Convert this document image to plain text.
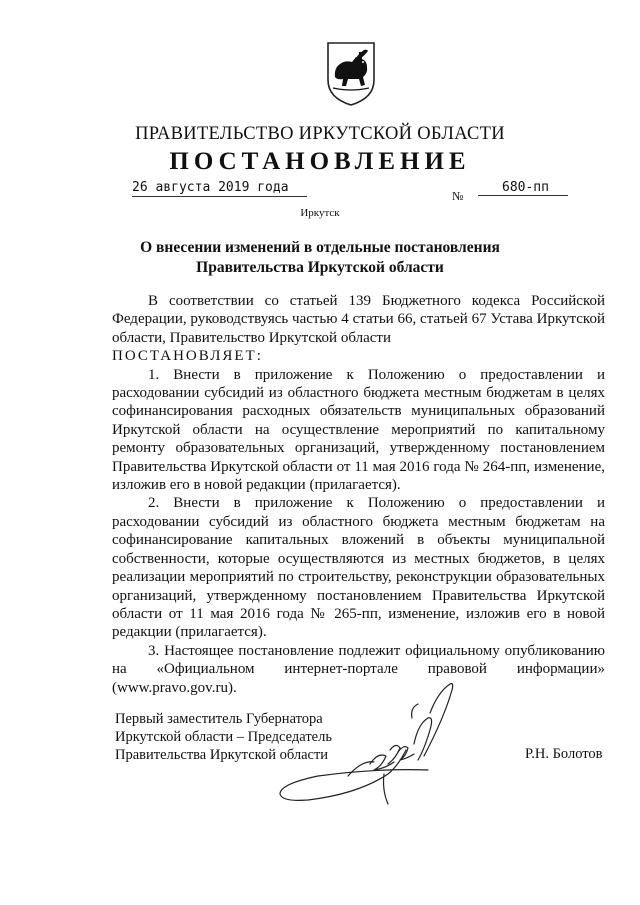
ПРАВИТЕЛЬСТВО ИРКУТСКОЙ ОБЛАСТИ
ПОСТАНОВЛЕНИЕ
26 августа 2019 года
№
680-пп
Иркутск
О внесении изменений в отдельные постановления Правительства Иркутской области

В соответствии со статьей 139 Бюджетного кодекса Российской Федерации, руководствуясь частью 4 статьи 66, статьей 67 Устава Иркутской области, Правительство Иркутской области

ПОСТАНОВЛЯЕТ:

1. Внести в приложение к Положению о предоставлении и расходовании субсидий из областного бюджета местным бюджетам в целях софинансирования расходных обязательств муниципальных образований Иркутской области на осуществление мероприятий по капитальному ремонту образовательных организаций, утвержденному постановлением Правительства Иркутской области от 11 мая 2016 года № 264-пп, изменение, изложив его в новой редакции (прилагается).

2. Внести в приложение к Положению о предоставлении и расходовании субсидий из областного бюджета местным бюджетам на софинансирование капитальных вложений в объекты муниципальной собственности, которые осуществляются из местных бюджетов, в целях реализации мероприятий по строительству, реконструкции образовательных организаций, утвержденному постановлением Правительства Иркутской области от 11 мая 2016 года № 265-пп, изменение, изложив его в новой редакции (прилагается).

3. Настоящее постановление подлежит официальному опубликованию на «Официальном интернет-портале правовой информации» (www.pravo.gov.ru).

Первый заместитель Губернатора
Иркутской области – Председатель
Правительства Иркутской области	Р.Н. Болотов
